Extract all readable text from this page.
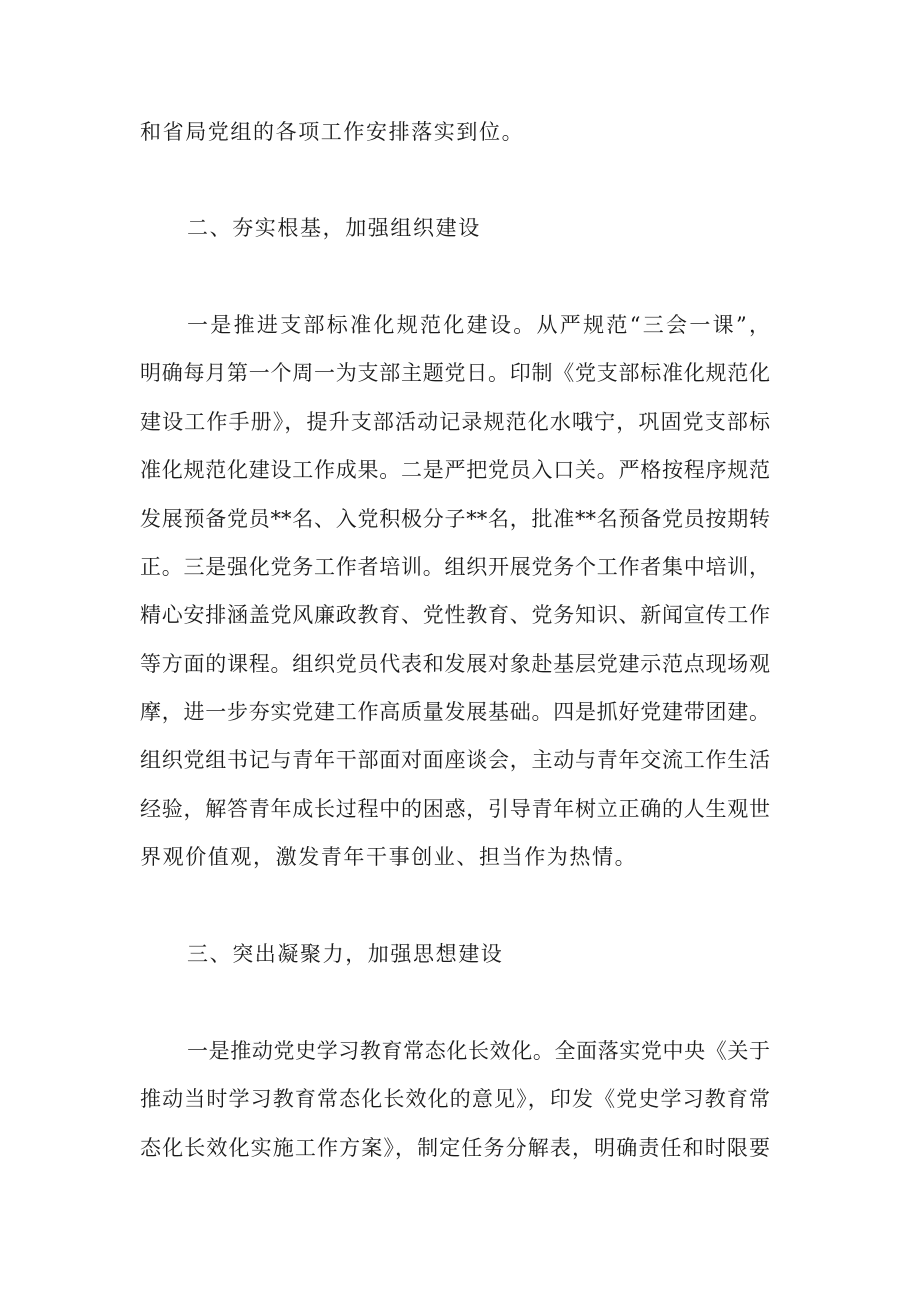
和省局党组的各项工作安排落实到位。
二、夯实根基，加强组织建设
一是推进支部标准化规范化建设。从严规范“三会一课”，
明确每月第一个周一为支部主题党日。印制《党支部标准化规范化
建设工作手册》，提升支部活动记录规范化水哦宁，巩固党支部标
准化规范化建设工作成果。二是严把党员入口关。严格按程序规范
发展预备党员**名、入党积极分子**名，批准**名预备党员按期转
正。三是强化党务工作者培训。组织开展党务个工作者集中培训，
精心安排涵盖党风廉政教育、党性教育、党务知识、新闻宣传工作
等方面的课程。组织党员代表和发展对象赴基层党建示范点现场观
摩，进一步夯实党建工作高质量发展基础。四是抓好党建带团建。
组织党组书记与青年干部面对面座谈会，主动与青年交流工作生活
经验，解答青年成长过程中的困惑，引导青年树立正确的人生观世
界观价值观，激发青年干事创业、担当作为热情。
三、突出凝聚力，加强思想建设
一是推动党史学习教育常态化长效化。全面落实党中央《关于
推动当时学习教育常态化长效化的意见》，印发《党史学习教育常
态化长效化实施工作方案》，制定任务分解表，明确责任和时限要
